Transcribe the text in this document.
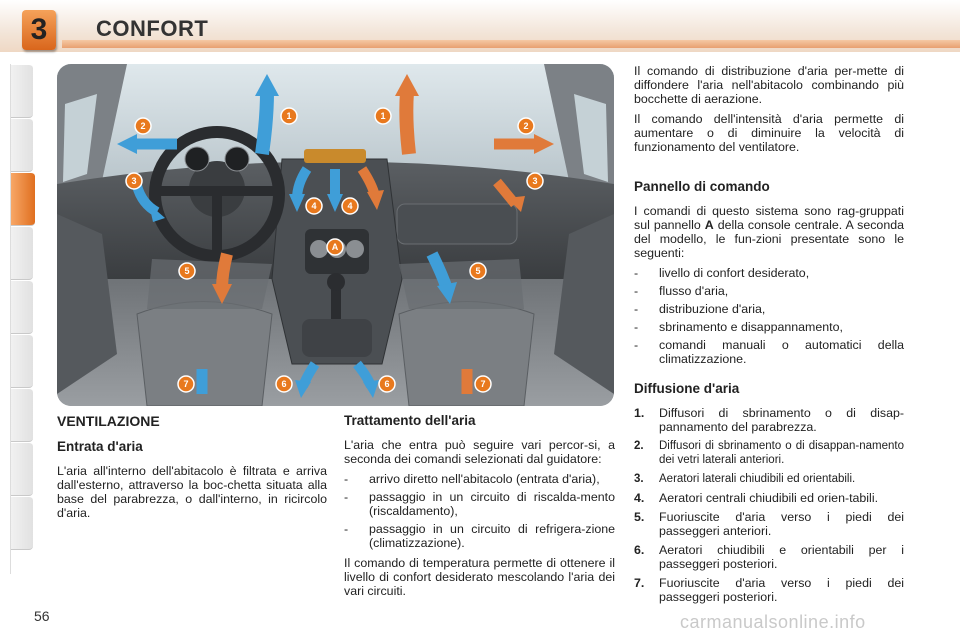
3	CONFORT
1	1
2	2
3	3
4	4
A
5	5
6	6
7	7
VENTILAZIONE
Entrata d'aria

L'aria all'interno dell'abitacolo è filtrata e arriva dall'esterno, attraverso la boc-chetta situata alla base del parabrezza, o dall'interno, in ricircolo d'aria.

Trattamento dell'aria

L'aria che entra può seguire vari percor-si, a seconda dei comandi selezionati dal guidatore:

- arrivo diretto nell'abitacolo (entrata d'aria),
- passaggio in un circuito di riscalda-mento (riscaldamento),
- passaggio in un circuito di refrigera-zione (climatizzazione).

Il comando di temperatura permette di ottenere il livello di confort desiderato mescolando l'aria dei vari circuiti.

Il comando di distribuzione d'aria per-mette di diffondere l'aria nell'abitacolo combinando più bocchette di aerazione.

Il comando dell'intensità d'aria permette di aumentare o di diminuire la velocità di funzionamento del ventilatore.

Pannello di comando

I comandi di questo sistema sono rag-gruppati sul pannello A della console centrale. A seconda del modello, le fun-zioni presentate sono le seguenti:

- livello di confort desiderato,
- flusso d'aria,
- distribuzione d'aria,
- sbrinamento e disappannamento,
- comandi manuali o automatici della climatizzazione.
Diffusione d'aria
1. Diffusori di sbrinamento o di disap-pannamento del parabrezza.
2. Diffusori di sbrinamento o di disappan-namento dei vetri laterali anteriori.
3. Aeratori laterali chiudibili ed orientabili.
4. Aeratori centrali chiudibili ed orien-tabili.
5. Fuoriuscite d'aria verso i piedi dei passeggeri anteriori.
6. Aeratori chiudibili e orientabili per i passeggeri posteriori.
7. Fuoriuscite d'aria verso i piedi dei passeggeri posteriori.
56	carmanualsonline.info
